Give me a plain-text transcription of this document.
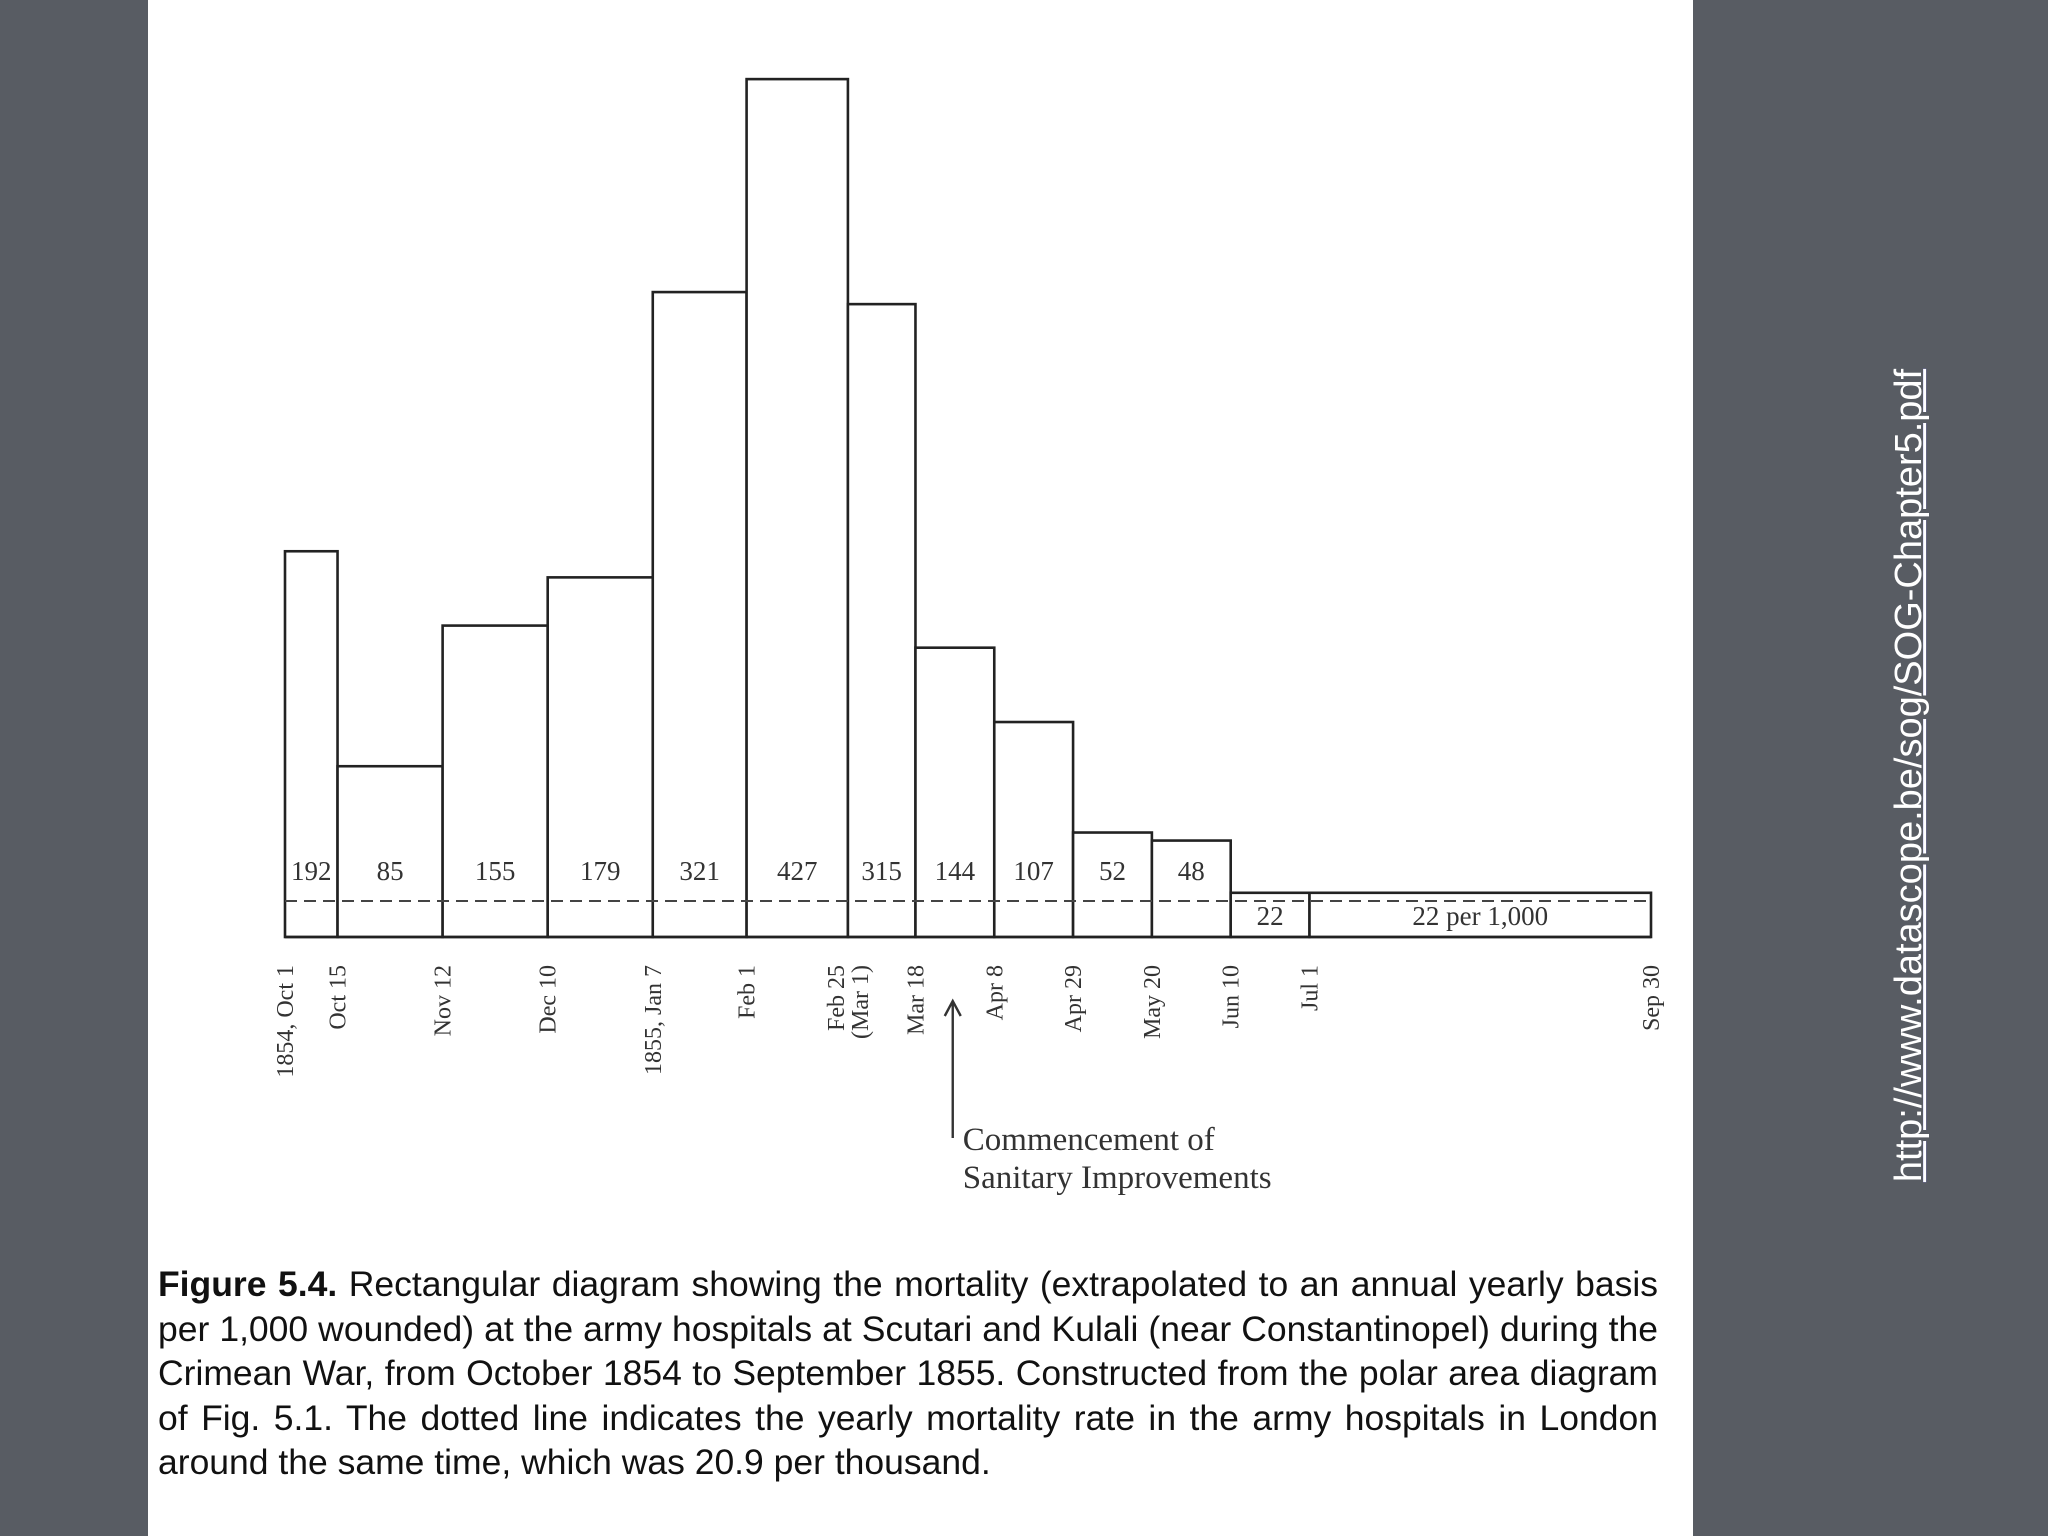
192 85	155 179 321 427 315 144 107 52 48
22	22 per 1,000
1854, Oct 1 Oct 15	Nov 12	Dec 10	1855, Jan 7	Feb 1	Feb 25
(Mar 1) Mar 18 Apr 8 Apr 29 May 20 Jun 10 Jul 1	Sep 30
Commencement of
Sanitary Improvements
Figure 5.4. Rectangular diagram showing the mortality (extrapolated to an annual yearly basis per 1,000 wounded) at the army hospitals at Scutari and Kulali (near Constantinopel) during the Crimean War, from October 1854 to September 1855. Constructed from the polar area diagram of Fig. 5.1. The dotted line indicates the yearly mortality rate in the army hospitals in London around the same time, which was 20.9 per thousand.
http://www.datascope.be/sog/SOG-Chapter5.pdf
